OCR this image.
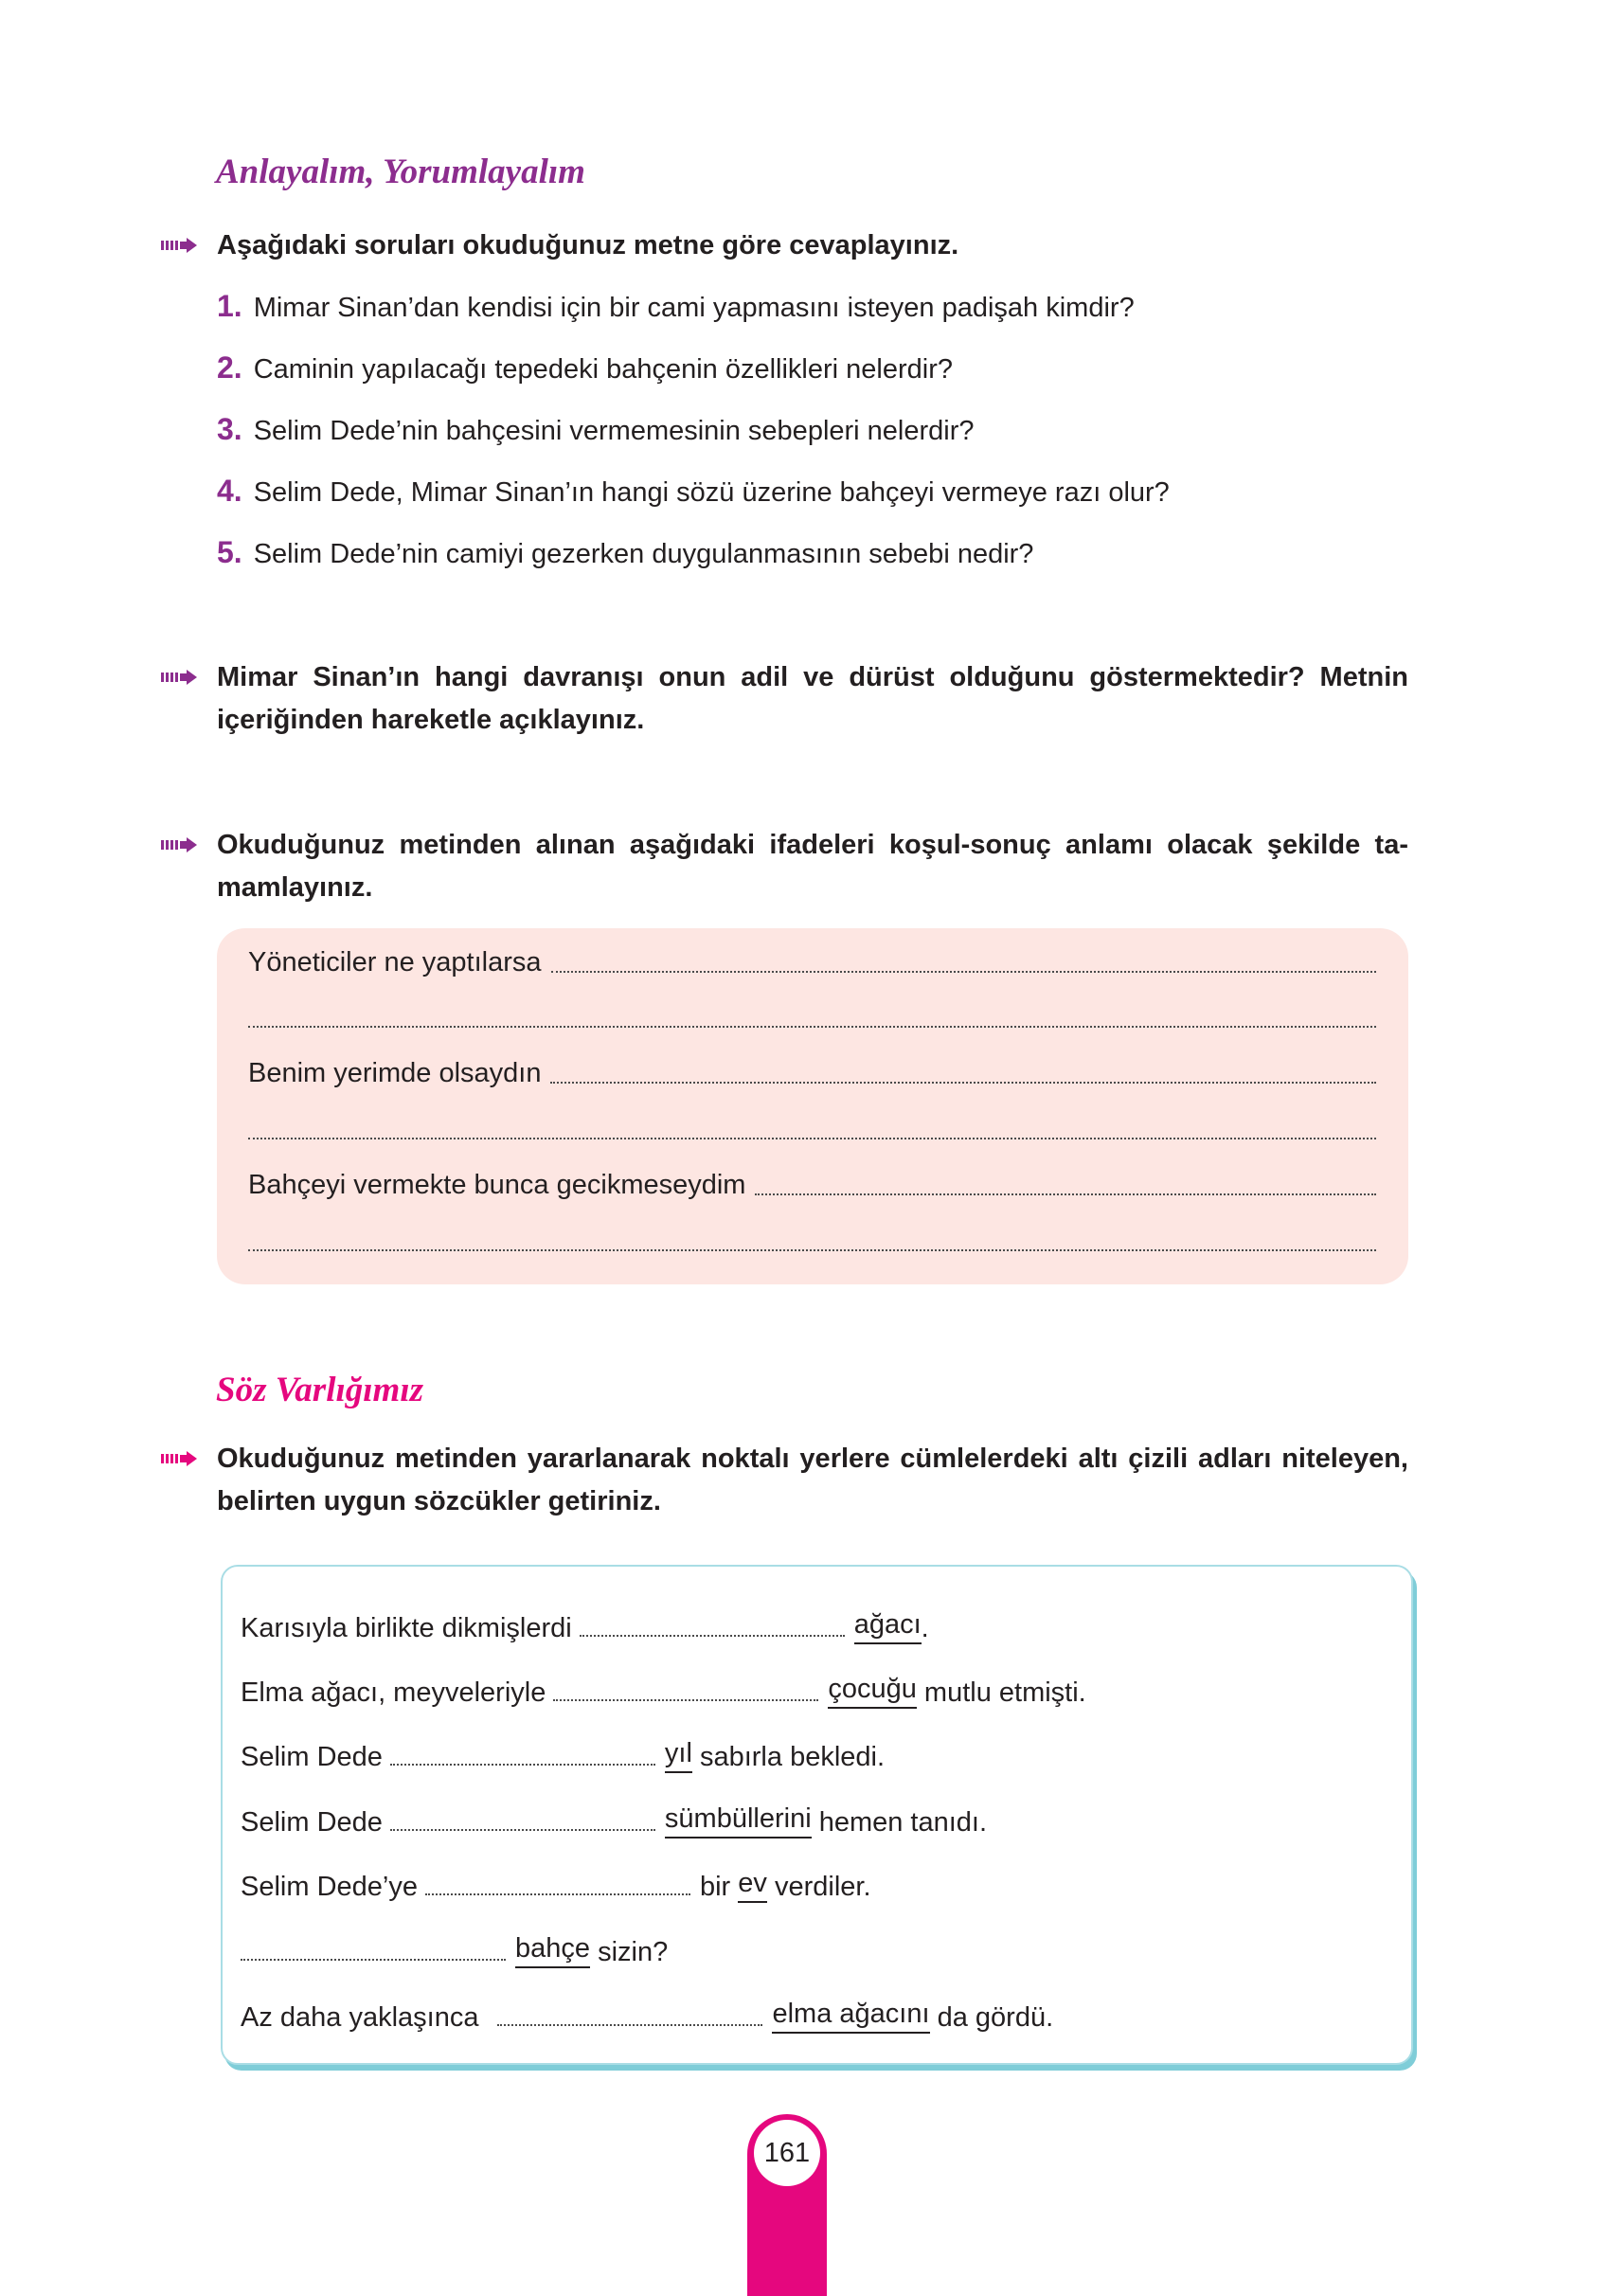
Anlayalım, Yorumlayalım
Aşağıdaki soruları okuduğunuz metne göre cevaplayınız.
1. Mimar Sinan’dan kendisi için bir cami yapmasını isteyen padişah kimdir?
2. Caminin yapılacağı tepedeki bahçenin özellikleri nelerdir?
3. Selim Dede’nin bahçesini vermemesinin sebepleri nelerdir?
4. Selim Dede, Mimar Sinan’ın hangi sözü üzerine bahçeyi vermeye razı olur?
5. Selim Dede’nin camiyi gezerken duygulanmasının sebebi nedir?
Mimar Sinan’ın hangi davranışı onun adil ve dürüst olduğunu göstermektedir? Metnin içeriğinden hareketle açıklayınız.
Okuduğunuz metinden alınan aşağıdaki ifadeleri koşul-sonuç anlamı olacak şekilde tamamlayınız.
Yöneticiler ne yaptılarsa
Benim yerimde olsaydın
Bahçeyi vermekte bunca gecikmeseydim
Söz Varlığımız
Okuduğunuz metinden yararlanarak noktalı yerlere cümlelerdeki altı çizili adları niteleyen, belirten uygun sözcükler getiriniz.
Karısıyla birlikte dikmişlerdi	ağacı .
Elma ağacı, meyveleriyle	çocuğu mutlu etmişti.
Selim Dede	yıl sabırla bekledi.
Selim Dede	sümbüllerini hemen tanıdı.
Selim Dede’ye	bir ev verdiler.
bahçe sizin?
Az daha yaklaşınca	elma ağacını da gördü.
161
